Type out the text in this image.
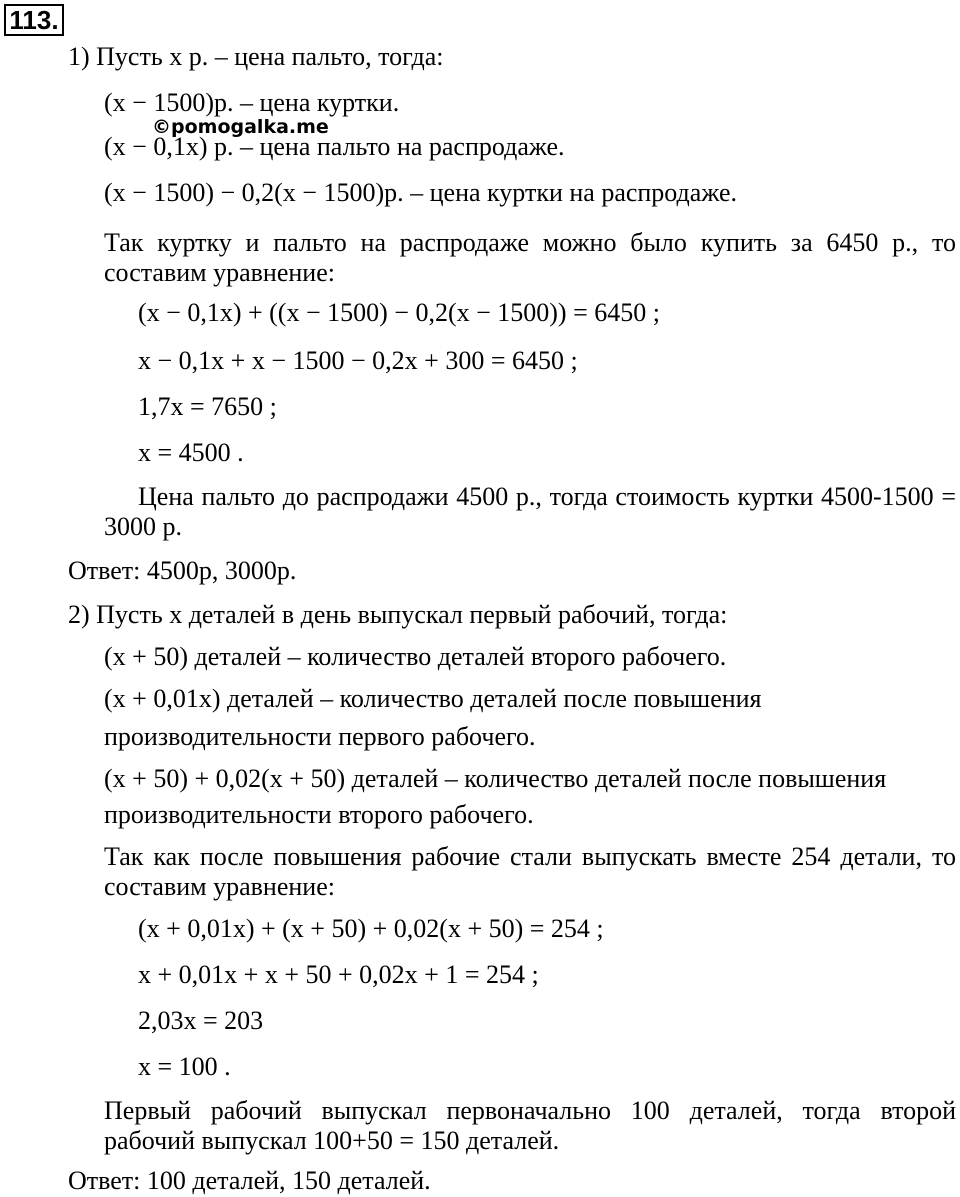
113.
1) Пусть x р. – цена пальто, тогда:
(x − 1500)р. – цена куртки.
©pomogalka.me
(x − 0,1x) р. – цена пальто на распродаже.
(x − 1500) − 0,2(x − 1500)р. – цена куртки на распродаже.
Так куртку и пальто на распродаже можно было купить за 6450 р., то составим уравнение:
(x − 0,1x) + ((x − 1500) − 0,2(x − 1500)) = 6450 ;
x − 0,1x + x − 1500 − 0,2x + 300 = 6450 ;
1,7x = 7650 ;
x = 4500 .
Цена пальто до распродажи 4500 р., тогда стоимость куртки 4500-1500 = 3000 р.
Ответ: 4500р, 3000р.
2) Пусть x деталей в день выпускал первый рабочий, тогда:
(x + 50) деталей – количество деталей второго рабочего.
(x + 0,01x) деталей – количество деталей после повышения
производительности первого рабочего.
(x + 50) + 0,02(x + 50) деталей – количество деталей после повышения
производительности второго рабочего.
Так как после повышения рабочие стали выпускать вместе 254 детали, то составим уравнение:
(x + 0,01x) + (x + 50) + 0,02(x + 50) = 254 ;
x + 0,01x + x + 50 + 0,02x + 1 = 254 ;
2,03x = 203
x = 100 .
Первый рабочий выпускал первоначально 100 деталей, тогда второй рабочий выпускал 100+50 = 150 деталей.
Ответ: 100 деталей, 150 деталей.
